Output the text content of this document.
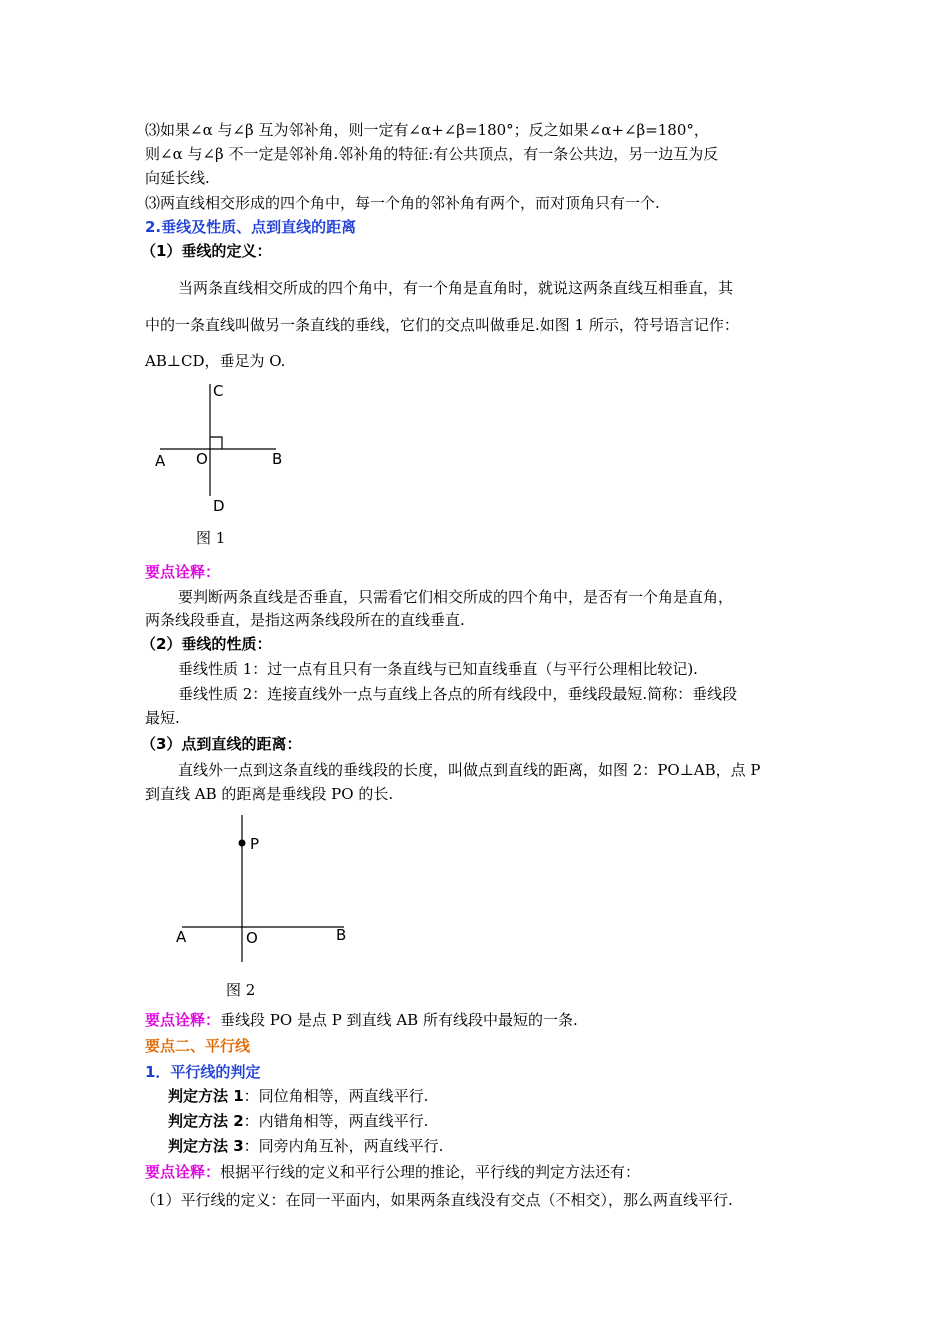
⑶如果∠α 与∠β 互为邻补角，则一定有∠α+∠β=180°；反之如果∠α+∠β=180°，
则∠α 与∠β 不一定是邻补角.邻补角的特征:有公共顶点，有一条公共边，另一边互为反
向延长线.
⑶两直线相交形成的四个角中，每一个角的邻补角有两个，而对顶角只有一个.
2.垂线及性质、点到直线的距离
（1）垂线的定义：
当两条直线相交所成的四个角中，有一个角是直角时，就说这两条直线互相垂直，其
中的一条直线叫做另一条直线的垂线，它们的交点叫做垂足.如图 1 所示，符号语言记作：
AB⊥CD，垂足为 O.
C
A O	B
D
图 1
要点诠释：
要判断两条直线是否垂直，只需看它们相交所成的四个角中，是否有一个角是直角，
两条线段垂直，是指这两条线段所在的直线垂直.
（2）垂线的性质：
垂线性质 1：过一点有且只有一条直线与已知直线垂直（与平行公理相比较记).
垂线性质 2：连接直线外一点与直线上各点的所有线段中，垂线段最短.简称：垂线段
最短.
（3）点到直线的距离：
直线外一点到这条直线的垂线段的长度，叫做点到直线的距离，如图 2：PO⊥AB，点 P
到直线 AB 的距离是垂线段 PO 的长.
P
A	O	B
图 2
要点诠释：垂线段 PO 是点 P 到直线 AB 所有线段中最短的一条.
要点二、平行线
1．平行线的判定
判定方法 1：同位角相等，两直线平行.
判定方法 2：内错角相等，两直线平行.
判定方法 3：同旁内角互补，两直线平行.
要点诠释：根据平行线的定义和平行公理的推论，平行线的判定方法还有：
（1）平行线的定义：在同一平面内，如果两条直线没有交点（不相交），那么两直线平行.
